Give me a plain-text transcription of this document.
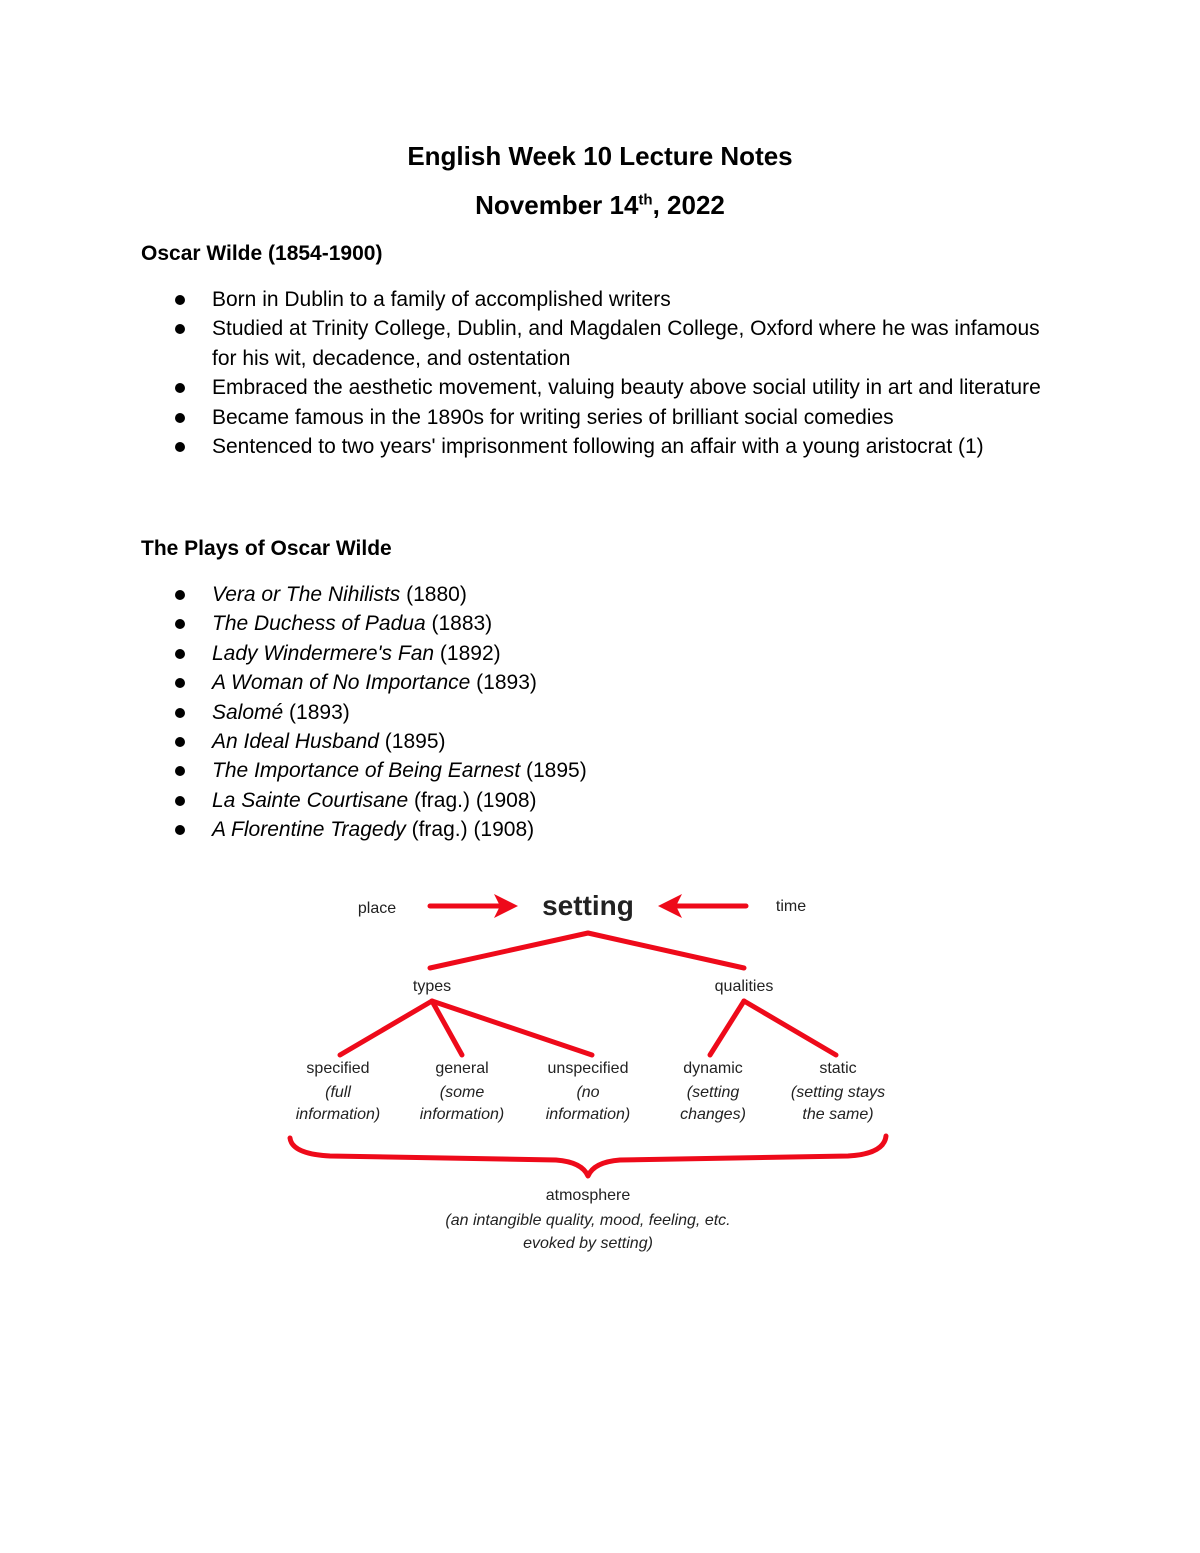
English Week 10 Lecture Notes
November 14th, 2022
Oscar Wilde (1854-1900)
Born in Dublin to a family of accomplished writers
Studied at Trinity College, Dublin, and Magdalen College, Oxford where he was infamous for his wit, decadence, and ostentation
Embraced the aesthetic movement, valuing beauty above social utility in art and literature
Became famous in the 1890s for writing series of brilliant social comedies
Sentenced to two years' imprisonment following an affair with a young aristocrat (1)
The Plays of Oscar Wilde
Vera or The Nihilists (1880)
The Duchess of Padua (1883)
Lady Windermere's Fan (1892)
A Woman of No Importance (1893)
Salomé (1893)
An Ideal Husband (1895)
The Importance of Being Earnest (1895)
La Sainte Courtisane (frag.) (1908)
A Florentine Tragedy (frag.) (1908)
place	setting	time
types	qualities
specified
(full
information)
general
(some
information)
unspecified
(no
information)
dynamic
(setting
changes)
static
(setting stays
the same)
atmosphere
(an intangible quality, mood, feeling, etc.
evoked by setting)
